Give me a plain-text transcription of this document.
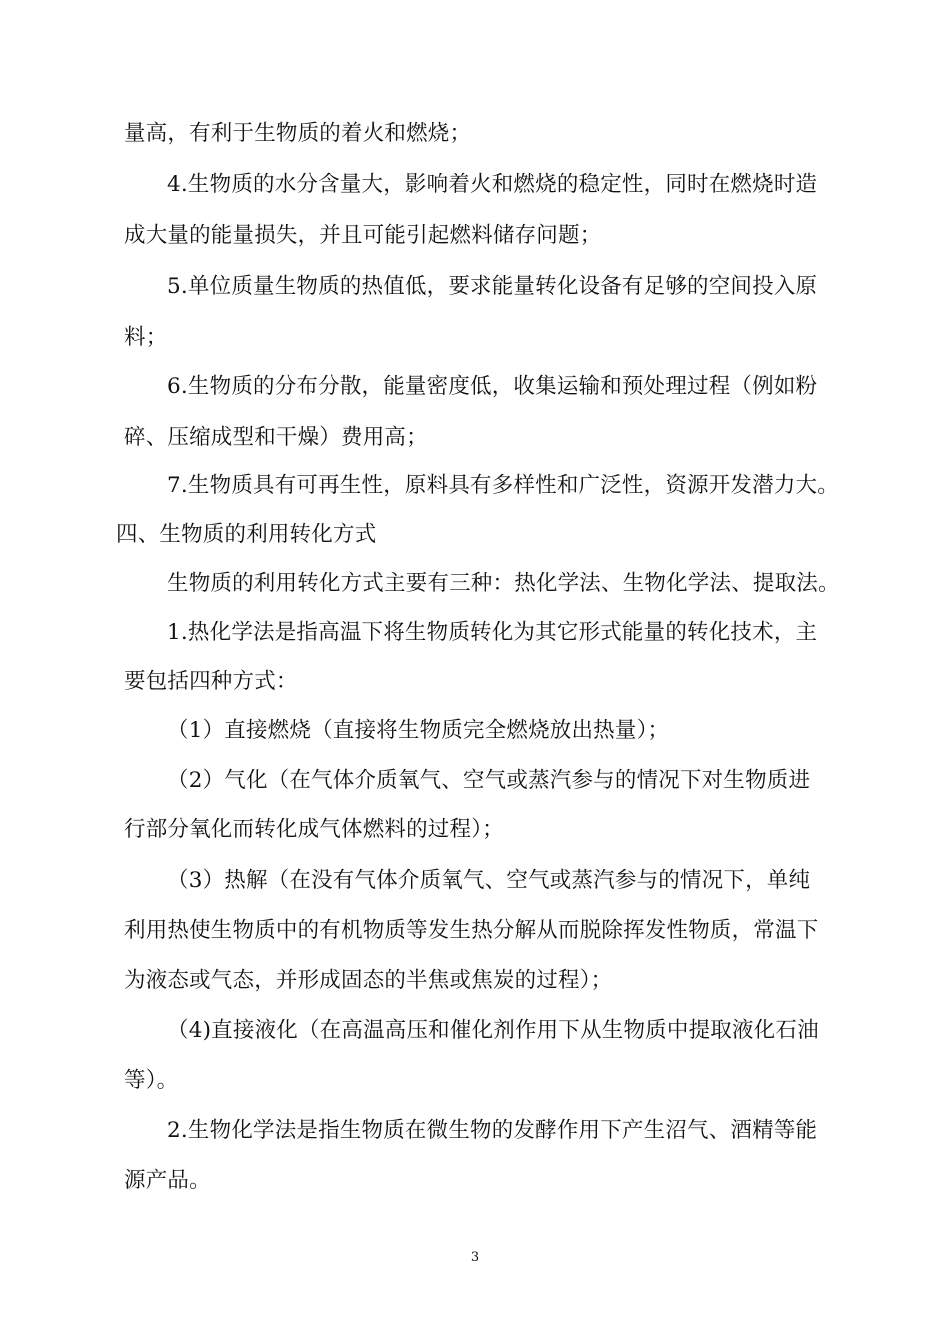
量高，有利于生物质的着火和燃烧；
4.生物质的水分含量大，影响着火和燃烧的稳定性，同时在燃烧时造
成大量的能量损失，并且可能引起燃料储存问题；
5.单位质量生物质的热值低，要求能量转化设备有足够的空间投入原
料；
6.生物质的分布分散，能量密度低，收集运输和预处理过程（例如粉
碎、压缩成型和干燥）费用高；
7.生物质具有可再生性，原料具有多样性和广泛性，资源开发潜力大。
四、生物质的利用转化方式
生物质的利用转化方式主要有三种：热化学法、生物化学法、提取法。
1.热化学法是指高温下将生物质转化为其它形式能量的转化技术，主
要包括四种方式：
（1）直接燃烧（直接将生物质完全燃烧放出热量）；
（2）气化（在气体介质氧气、空气或蒸汽参与的情况下对生物质进
行部分氧化而转化成气体燃料的过程）；
（3）热解（在没有气体介质氧气、空气或蒸汽参与的情况下，单纯
利用热使生物质中的有机物质等发生热分解从而脱除挥发性物质，常温下
为液态或气态，并形成固态的半焦或焦炭的过程）；
（4)直接液化（在高温高压和催化剂作用下从生物质中提取液化石油
等）。
2.生物化学法是指生物质在微生物的发酵作用下产生沼气、酒精等能
源产品。
3
